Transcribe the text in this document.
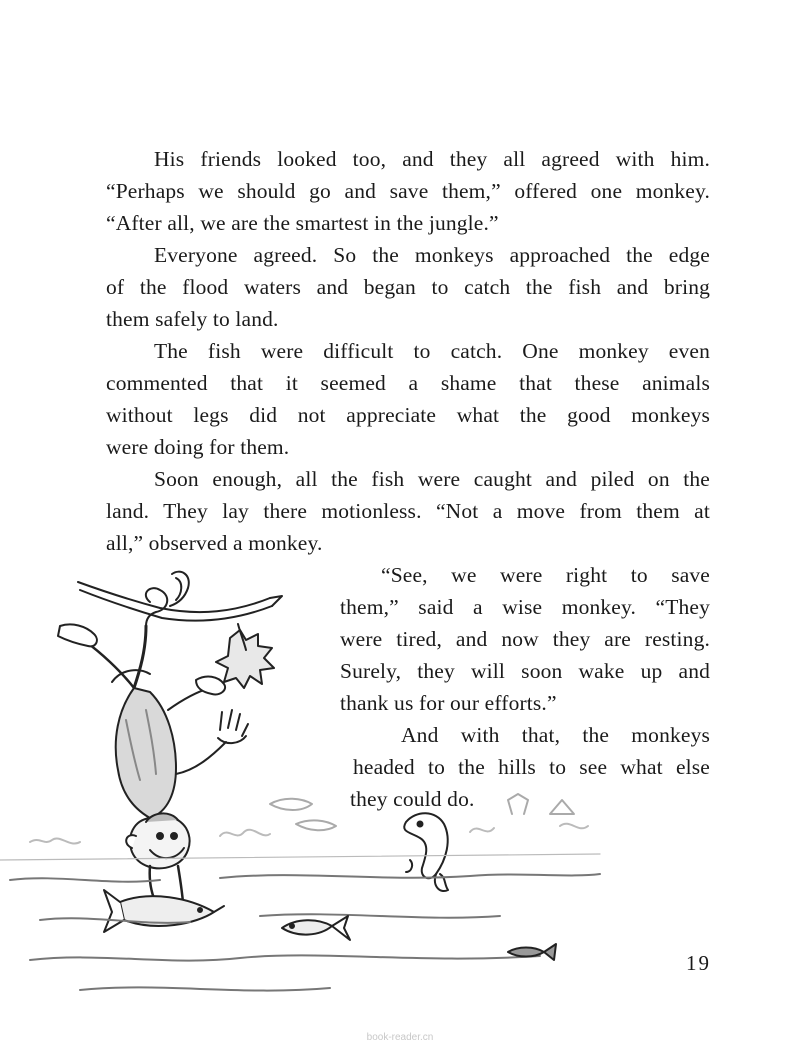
His friends looked too, and they all agreed with him.
“Perhaps we should go and save them,” offered one monkey.
“After all, we are the smartest in the jungle.”
Everyone agreed. So the monkeys approached the edge
of the flood waters and began to catch the fish and bring
them safely to land.
The fish were difficult to catch. One monkey even
commented that it seemed a shame that these animals
without legs did not appreciate what the good monkeys
were doing for them.
Soon enough, all the fish were caught and piled on the
land. They lay there motionless. “Not a move from them at
all,” observed a monkey.
“See, we were right to save
them,” said a wise monkey. “They
were tired, and now they are resting.
Surely, they will soon wake up and
thank us for our efforts.”
And with that, the monkeys
headed to the hills to see what else
they could do.
19
book-reader.cn
